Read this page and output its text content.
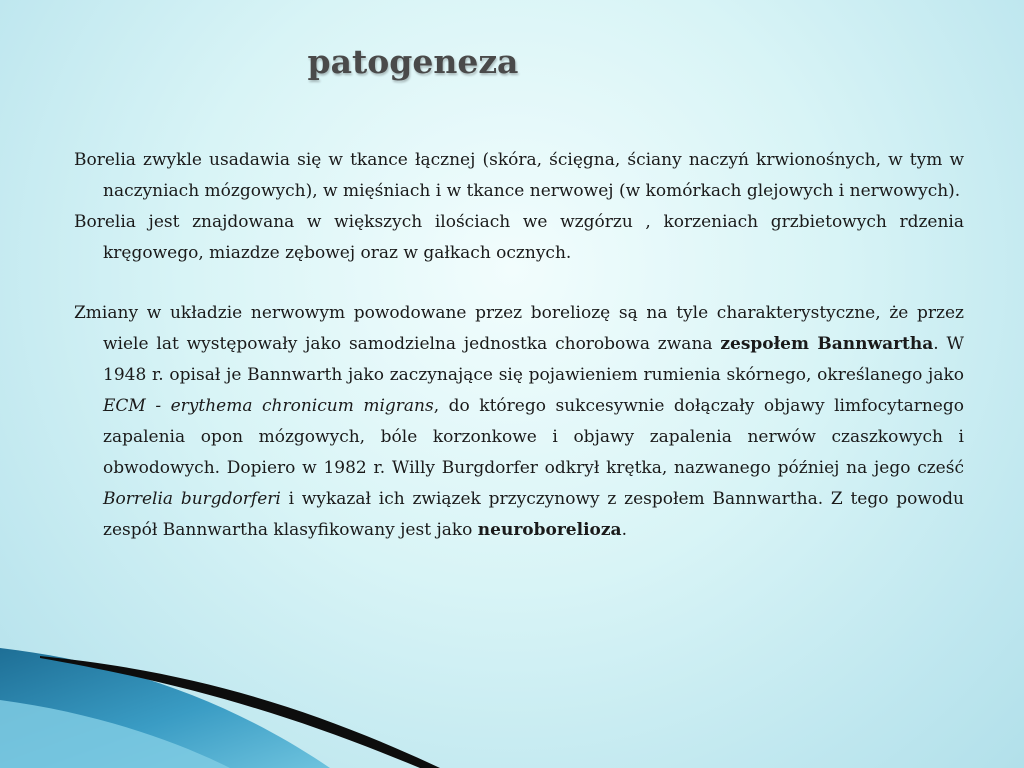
patogeneza

Borelia zwykle usadawia się w tkance łącznej (skóra, ścięgna, ściany naczyń krwionośnych, w tym w naczyniach mózgowych), w mięśniach i w tkance nerwowej (w komórkach glejowych i nerwowych).

Borelia jest znajdowana w większych ilościach we wzgórzu , korzeniach grzbietowych rdzenia kręgowego, miazdze zębowej oraz w gałkach ocznych.

Zmiany w układzie nerwowym powodowane przez boreliozę są na tyle charakterystyczne, że przez wiele lat występowały jako samodzielna jednostka chorobowa zwana zespołem Bannwartha. W 1948 r. opisał je Bannwarth jako zaczynające się pojawieniem rumienia skórnego, określanego jako ECM - erythema chronicum migrans, do którego sukcesywnie dołączały objawy limfocytarnego zapalenia opon mózgowych, bóle korzonkowe i objawy zapalenia nerwów czaszkowych i obwodowych. Dopiero w 1982 r. Willy Burgdorfer odkrył krętka, nazwanego później na jego cześć Borrelia burgdorferi i wykazał ich związek przyczynowy z zespołem Bannwartha. Z tego powodu zespół Bannwartha klasyfikowany jest jako neuroborelioza.
